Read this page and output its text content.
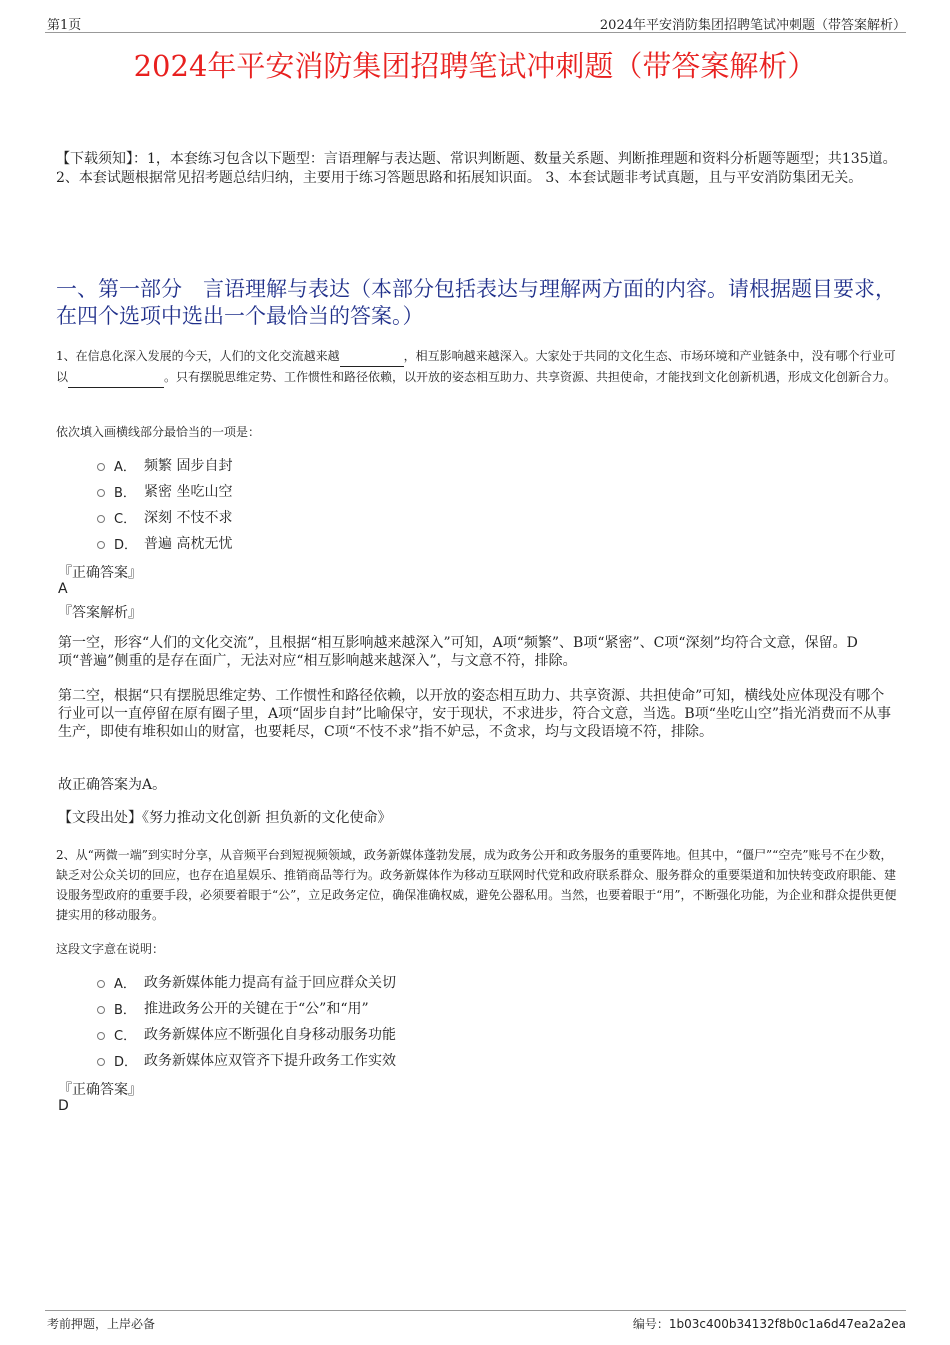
第1页	2024年平安消防集团招聘笔试冲刺题（带答案解析）
2024年平安消防集团招聘笔试冲刺题（带答案解析）
【下载须知】：1，本套练习包含以下题型：言语理解与表达题、常识判断题、数量关系题、判断推理题和资料分析题等题型；共135道。 2、本套试题根据常见招考题总结归纳，主要用于练习答题思路和拓展知识面。 3、本套试题非考试真题，且与平安消防集团无关。
一、第一部分　言语理解与表达（本部分包括表达与理解两方面的内容。请根据题目要求，在四个选项中选出一个最恰当的答案。）
1、在信息化深入发展的今天，人们的文化交流越来越	，相互影响越来越深入。大家处于共同的文化生态、市场环境和产业链条中，没有哪个行业可以	。只有摆脱思维定势、工作惯性和路径依赖，以开放的姿态相互助力、共享资源、共担使命，才能找到文化创新机遇，形成文化创新合力。
依次填入画横线部分最恰当的一项是：
A． 频繁 固步自封
B． 紧密 坐吃山空
C． 深刻 不忮不求
D． 普遍 高枕无忧
『正确答案』
A
『答案解析』
第一空，形容“人们的文化交流”，且根据“相互影响越来越深入”可知，A项“频繁”、B项“紧密”、C项“深刻”均符合文意，保留。D项“普遍”侧重的是存在面广，无法对应“相互影响越来越深入”，与文意不符，排除。
第二空，根据“只有摆脱思维定势、工作惯性和路径依赖，以开放的姿态相互助力、共享资源、共担使命”可知，横线处应体现没有哪个行业可以一直停留在原有圈子里，A项“固步自封”比喻保守，安于现状，不求进步，符合文意，当选。B项“坐吃山空”指光消费而不从事生产，即使有堆积如山的财富，也要耗尽，C项“不忮不求”指不妒忌，不贪求，均与文段语境不符，排除。
故正确答案为A。
【文段出处】《努力推动文化创新 担负新的文化使命》
2、从“两微一端”到实时分享，从音频平台到短视频领域，政务新媒体蓬勃发展，成为政务公开和政务服务的重要阵地。但其中，“僵尸”“空壳”账号不在少数，缺乏对公众关切的回应，也存在追星娱乐、推销商品等行为。政务新媒体作为移动互联网时代党和政府联系群众、服务群众的重要渠道和加快转变政府职能、建设服务型政府的重要手段，必须要着眼于“公”，立足政务定位，确保准确权威，避免公器私用。当然，也要着眼于“用”，不断强化功能，为企业和群众提供更便捷实用的移动服务。
这段文字意在说明：
A． 政务新媒体能力提高有益于回应群众关切
B． 推进政务公开的关键在于“公”和“用”
C． 政务新媒体应不断强化自身移动服务功能
D． 政务新媒体应双管齐下提升政务工作实效
『正确答案』
D
考前押题，上岸必备	编号：1b03c400b34132f8b0c1a6d47ea2a2ea
